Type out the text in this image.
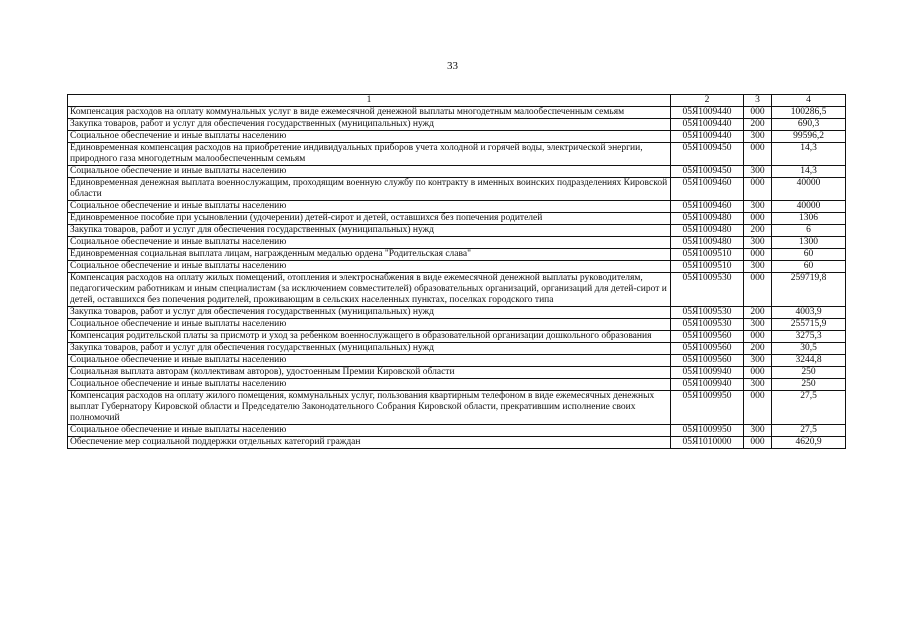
33
1	2	3	4
Компенсация расходов на оплату коммунальных услуг в виде ежемесячной денежной выплаты многодетным малообеспеченным семьям	05Я1009440	000	100286,5
Закупка товаров, работ и услуг для обеспечения государственных (муниципальных) нужд	05Я1009440	200	690,3
Социальное обеспечение и иные выплаты населению	05Я1009440	300	99596,2
Единовременная компенсация расходов на приобретение индивидуальных приборов учета холодной и горячей воды, электрической энергии, природного газа многодетным малообеспеченным семьям	05Я1009450	000	14,3
Социальное обеспечение и иные выплаты населению	05Я1009450	300	14,3
Единовременная денежная выплата военнослужащим, проходящим военную службу по контракту в именных воинских подразделениях Кировской области	05Я1009460	000	40000
Социальное обеспечение и иные выплаты населению	05Я1009460	300	40000
Единовременное пособие при усыновлении (удочерении) детей-сирот и детей, оставшихся без попечения родителей	05Я1009480	000	1306
Закупка товаров, работ и услуг для обеспечения государственных (муниципальных) нужд	05Я1009480	200	6
Социальное обеспечение и иные выплаты населению	05Я1009480	300	1300
Единовременная социальная выплата лицам, награжденным медалью ордена "Родительская слава"	05Я1009510	000	60
Социальное обеспечение и иные выплаты населению	05Я1009510	300	60
Компенсация расходов на оплату жилых помещений, отопления и электроснабжения в виде ежемесячной денежной выплаты руководителям, педагогическим работникам и иным специалистам (за исключением совместителей) образовательных организаций, организаций для детей-сирот и детей, оставшихся без попечения родителей, проживающим в сельских населенных пунктах, поселках городского типа	05Я1009530	000	259719,8
Закупка товаров, работ и услуг для обеспечения государственных (муниципальных) нужд	05Я1009530	200	4003,9
Социальное обеспечение и иные выплаты населению	05Я1009530	300	255715,9
Компенсация родительской платы за присмотр и уход за ребенком военнослужащего в образовательной организации дошкольного образования	05Я1009560	000	3275,3
Закупка товаров, работ и услуг для обеспечения государственных (муниципальных) нужд	05Я1009560	200	30,5
Социальное обеспечение и иные выплаты населению	05Я1009560	300	3244,8
Социальная выплата авторам (коллективам авторов), удостоенным Премии Кировской области	05Я1009940	000	250
Социальное обеспечение и иные выплаты населению	05Я1009940	300	250
Компенсация расходов на оплату жилого помещения, коммунальных услуг, пользования квартирным телефоном в виде ежемесячных денежных выплат Губернатору Кировской области и Председателю Законодательного Собрания Кировской области, прекратившим исполнение своих полномочий	05Я1009950	000	27,5
Социальное обеспечение и иные выплаты населению	05Я1009950	300	27,5
Обеспечение мер социальной поддержки отдельных категорий граждан	05Я1010000	000	4620,9
